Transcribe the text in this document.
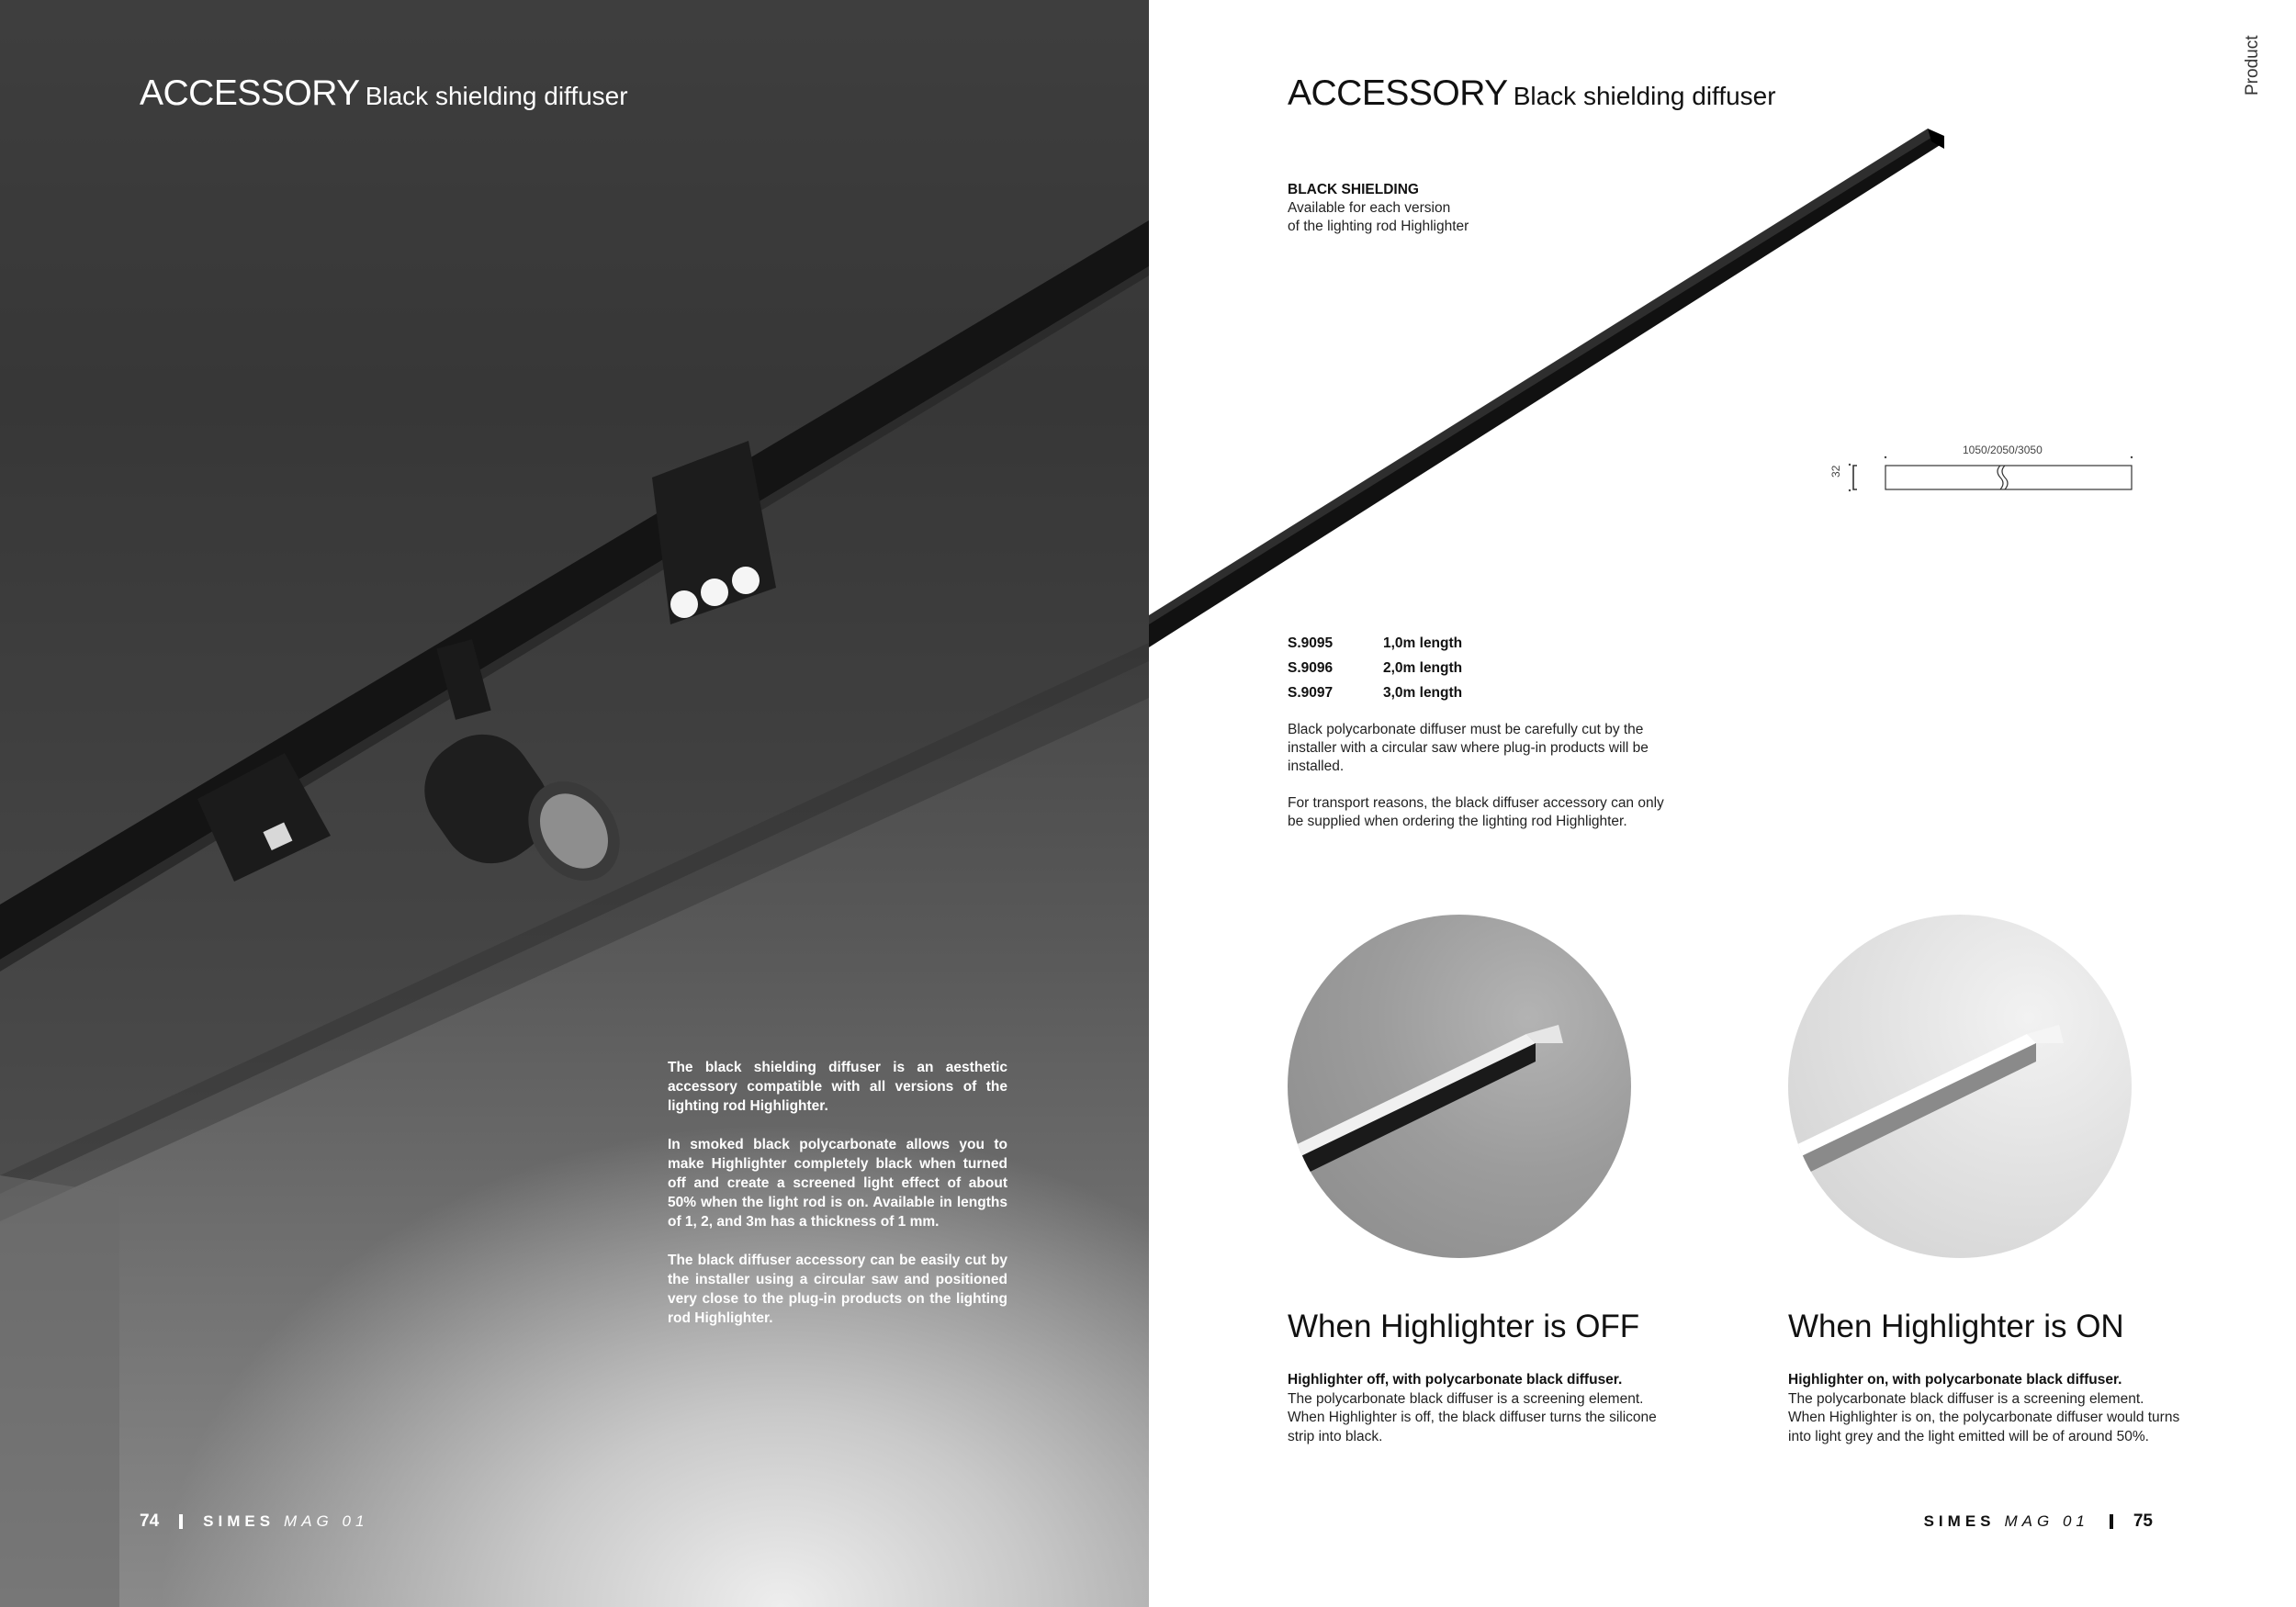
ACCESSORY Black shielding diffuser

The black shielding diffuser is an aesthetic accessory compatible with all versions of the lighting rod Highlighter.

In smoked black polycarbonate allows you to make Highlighter completely black when turned off and create a screened light effect of about 50% when the light rod is on. Available in lengths of 1, 2, and 3m has a thickness of 1 mm.

The black diffuser accessory can be easily cut by the installer using a circular saw and positioned very close to the plug-in products on the lighting rod Highlighter.

74	SIMES MAG 01
Product
ACCESSORY Black shielding diffuser
BLACK SHIELDING
Available for each version
of the lighting rod Highlighter
1050/2050/3050
32
S.9095	1,0m length
S.9096	2,0m length
S.9097	3,0m length

Black polycarbonate diffuser must be carefully cut by the installer with a circular saw where plug-in products will be installed.

For transport reasons, the black diffuser accessory can only be supplied when ordering the lighting rod Highlighter.

When Highlighter is OFF
Highlighter off, with polycarbonate black diffuser.
The polycarbonate black diffuser is a screening element. When Highlighter is off, the black diffuser turns the silicone strip into black.
When Highlighter is ON
Highlighter on, with polycarbonate black diffuser.
The polycarbonate black diffuser is a screening element. When Highlighter is on, the polycarbonate diffuser would turns into light grey and the light emitted will be of around 50%.
SIMES MAG 01	75
